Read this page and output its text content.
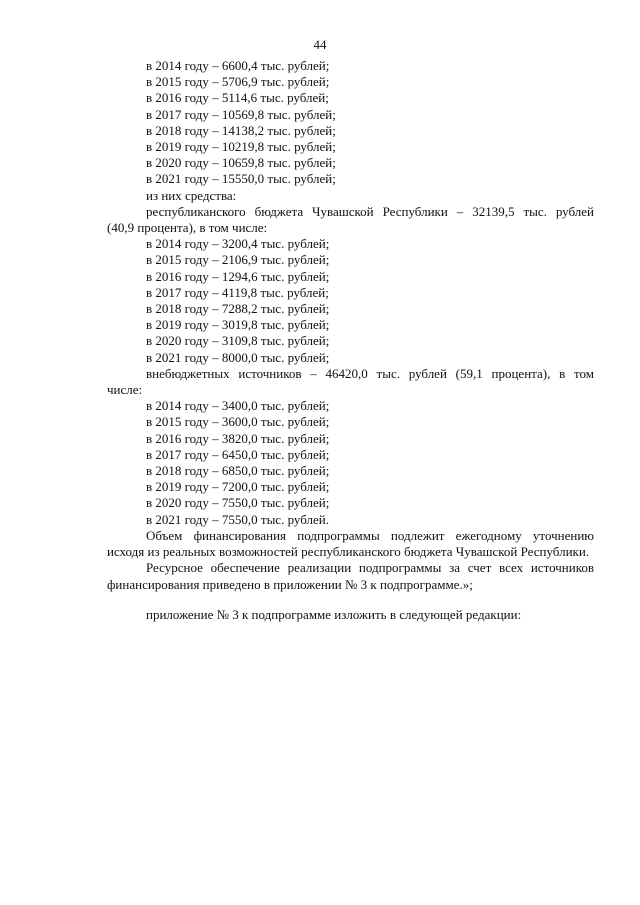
44
в 2014 году – 6600,4 тыс. рублей;
в 2015 году – 5706,9 тыс. рублей;
в 2016 году – 5114,6 тыс. рублей;
в 2017 году – 10569,8 тыс. рублей;
в 2018 году – 14138,2 тыс. рублей;
в 2019 году – 10219,8 тыс. рублей;
в 2020 году – 10659,8 тыс. рублей;
в 2021 году – 15550,0 тыс. рублей;
из них средства:
республиканского бюджета Чувашской Республики – 32139,5 тыс. рублей
(40,9 процента), в том числе:
в 2014 году – 3200,4 тыс. рублей;
в 2015 году – 2106,9 тыс. рублей;
в 2016 году – 1294,6 тыс. рублей;
в 2017 году – 4119,8 тыс. рублей;
в 2018 году – 7288,2 тыс. рублей;
в 2019 году – 3019,8 тыс. рублей;
в 2020 году – 3109,8 тыс. рублей;
в 2021 году – 8000,0 тыс. рублей;
внебюджетных источников – 46420,0 тыс. рублей (59,1 процента), в том
числе:
в 2014 году – 3400,0 тыс. рублей;
в 2015 году – 3600,0 тыс. рублей;
в 2016 году – 3820,0 тыс. рублей;
в 2017 году – 6450,0 тыс. рублей;
в 2018 году – 6850,0 тыс. рублей;
в 2019 году – 7200,0 тыс. рублей;
в 2020 году – 7550,0 тыс. рублей;
в 2021 году – 7550,0 тыс. рублей.
Объем финансирования подпрограммы подлежит ежегодному уточнению исходя из реальных возможностей республиканского бюджета Чувашской Республики.
Ресурсное обеспечение реализации подпрограммы за счет всех источников финансирования приведено в приложении № 3 к подпрограмме.»;
приложение № 3 к подпрограмме изложить в следующей редакции:
